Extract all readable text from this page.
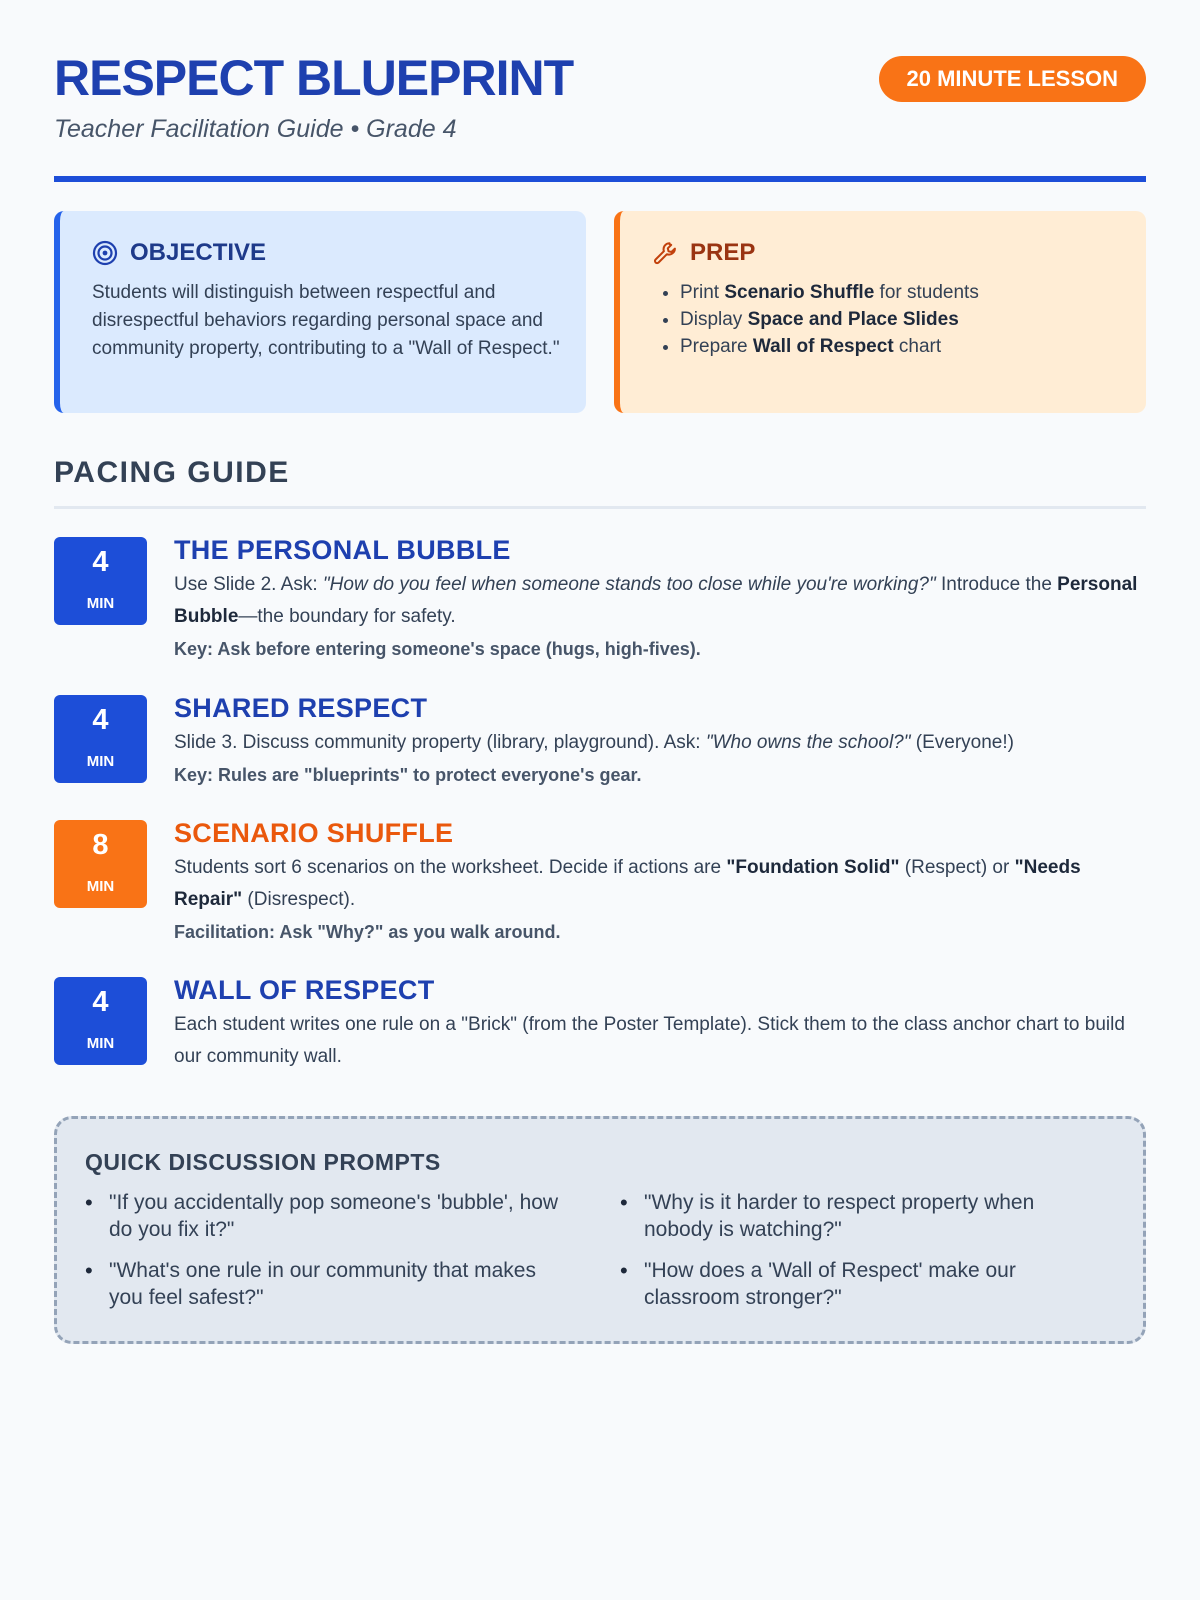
RESPECT BLUEPRINT

Teacher Facilitation Guide • Grade 4

20 MINUTE LESSON
OBJECTIVE
Students will distinguish between respectful and disrespectful behaviors regarding personal space and community property, contributing to a "Wall of Respect."
PREP
• Print Scenario Shuffle for students
• Display Space and Place Slides
• Prepare Wall of Respect chart
PACING GUIDE
4
MIN
THE PERSONAL BUBBLE
Use Slide 2. Ask: "How do you feel when someone stands too close while you're working?" Introduce the Personal Bubble—the boundary for safety.
Key: Ask before entering someone's space (hugs, high-fives).
4
MIN
SHARED RESPECT
Slide 3. Discuss community property (library, playground). Ask: "Who owns the school?" (Everyone!)
Key: Rules are "blueprints" to protect everyone's gear.
8
MIN
SCENARIO SHUFFLE
Students sort 6 scenarios on the worksheet. Decide if actions are "Foundation Solid" (Respect) or "Needs Repair" (Disrespect).
Facilitation: Ask "Why?" as you walk around.
4
MIN
WALL OF RESPECT
Each student writes one rule on a "Brick" (from the Poster Template). Stick them to the class anchor chart to build our community wall.
QUICK DISCUSSION PROMPTS
• "If you accidentally pop someone's 'bubble', how do you fix it?"
• "Why is it harder to respect property when nobody is watching?"
• "What's one rule in our community that makes you feel safest?"
• "How does a 'Wall of Respect' make our classroom stronger?"
